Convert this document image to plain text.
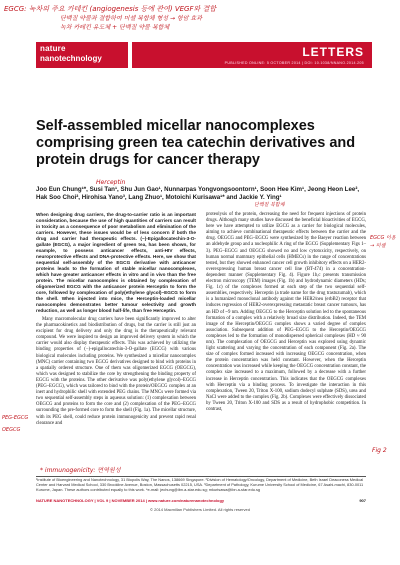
EGCG: 녹차의 주요 카테킨 (angiogenesis 등에 관여) VEGF와 결합
단백질 약물과 결합하여 미셀 복합체 형성 → 항암 효과
녹차 카테킨 유도체 + 단백질 약물 복합체
nature
nanotechnology	LETTERS
PUBLISHED ONLINE: 5 OCTOBER 2014 | DOI: 10.1038/NNANO.2014.205
Self-assembled micellar nanocomplexes comprising green tea catechin derivatives and protein drugs for cancer therapy
Herceptin
Joo Eun Chung¹*, Susi Tan¹, Shu Jun Gao¹, Nunnarpas Yongvongsoontorn¹, Soon Hee Kim¹, Jeong Heon Lee², Hak Soo Choi², Hirohisa Yano³, Lang Zhuo¹, Motoichi Kurisawa¹* and Jackie Y. Ying¹

When designing drug carriers, the drug-to-carrier ratio is an important consideration, because the use of high quantities of carriers can result in toxicity as a consequence of poor metabolism and elimination of the carriers. However, these issues would be of less concern if both the drug and carrier had therapeutic effects. (−)-Epigallocatechin-3-O-gallate (EGCG), a major ingredient of green tea, has been shown, for example, to possess anticancer effects, anti-HIV effects, neuroprotective effects and DNA-protective effects. Here, we show that sequential self-assembly of the EGCG derivative with anticancer proteins leads to the formation of stable micellar nanocomplexes, which have greater anticancer effects in vitro and in vivo than the free protein. The micellar nanocomplex is obtained by complexation of oligomerized EGCG with the anticancer protein Herceptin to form the core, followed by complexation of poly(ethylene glycol)–EGCG to form the shell. When injected into mice, the Herceptin-loaded micellar nanocomplex demonstrates better tumour selectivity and growth reduction, as well as longer blood half-life, than free Herceptin.

Many macromolecular drug carriers have been significantly improved to alter the pharmacokinetics and biodistribution of drugs, but the carrier is still just an excipient for drug delivery and only the drug is the therapeutically relevant compound. We were inspired to design an improved delivery system in which the carrier would also display therapeutic effects. This was achieved by utilizing the binding properties of (−)-epigallocatechin-3-O-gallate (EGCG) with various biological molecules including proteins. We synthesized a micellar nanocomplex (MNC) carrier containing two EGCG derivatives designed to bind with proteins in a spatially ordered structure. One of them was oligomerized EGCG (OEGCG), which was designed to stabilize the core by strengthening the binding property of EGCG with the proteins. The other derivative was poly(ethylene glycol)–EGCG (PEG–EGCG), which was tailored to bind with the protein/OEGCG complex at an inert and hydrophilic shell with extended PEG chains. The MNCs were formed via two sequential self-assembly steps in aqueous solution: (1) complexation between OEGCG and proteins to form the core and (2) complexation of the PEG–EGCG surrounding the pre-formed core to form the shell (Fig. 1a). The micellar structure, with its PEG shell, could reduce protein immunogenicity and prevent rapid renal clearance and

proteolysis of the protein, decreasing the need for frequent injections of protein drugs. Although many studies have discussed the beneficial bioactivities of EGCG, here we have attempted to utilize EGCG as a carrier for biological molecules, aiming to achieve combinational therapeutic effects between the carrier and the drug. OEGCG and PEG–EGCG were synthesized by the Baeyer reaction between an aldehyde group and a nucleophilic A ring of the EGCG (Supplementary Figs 1–3). PEG–EGCG and OEGCG showed no and low cytotoxicity, respectively, on human normal mammary epithelial cells (HMECs) in the range of concentrations tested, but they showed enhanced cancer cell growth inhibitory effects on a HER2-overexpressing human breast cancer cell line (BT-474) in a concentration-dependent manner (Supplementary Fig. 4). Figure 1b,c presents transmission electron microscopy (TEM) images (Fig. 1b) and hydrodynamic diameters (HDs; Fig. 1c) of the complexes formed at each step of the two sequential self-assemblies, respectively. Herceptin (a trade name for the drug trastuzumab), which is a humanized monoclonal antibody against the HER2/neu (erbB2) receptor that induces regression of HER2-overexpressing metastatic breast cancer tumours, has an HD of ~9 nm. Adding OEGCG to the Herceptin solution led to the spontaneous formation of a complex with a relatively broad size distribution. Indeed, the TEM image of the Herceptin/OEGCG complex shows a varied degree of complex association. Subsequent addition of PEG–EGCG to the Herceptin/OEGCG complexes led to the formation of monodispersed spherical complexes (HD ≈ 90 nm). The complexation of OEGCG and Herceptin was explored using dynamic light scattering and varying the concentration of each component (Fig. 2a). The size of complex formed increased with increasing OEGCG concentration, when the protein concentration was held constant. However, when the Herceptin concentration was increased while keeping the OEGCG concentration constant, the complex size increased to a maximum, followed by a decrease with a further increase in Herceptin concentration. This indicates that the OEGCG complexes with Herceptin via a binding process. To investigate the interaction in this complexation, Tween 20, Triton X-100, sodium dodecyl sulphate (SDS), urea and NaCl were added to the complex (Fig. 2b). Complexes were effectively dissociated by Tween 20, Triton X-100 and SDS as a result of hydrophobic competition. In contrast,

단백질 복합체
EGCG 이용
→ 미셀
PEG-EGCG
OEGCG
Fig 2
* immunogenicity: 면역원성
¹Institute of Bioengineering and Nanotechnology, 31 Biopolis Way, The Nanos, 138669 Singapore. ²Division of Hematology/Oncology, Department of Medicine, Beth Israel Deaconess Medical Center and Harvard Medical School, 330 Brookline Avenue, Boston, Massachusetts 02215, USA. ³Department of Pathology, Kurume University School of Medicine, 67 Asahi-machi, 830-0011 Kurume, Japan. These authors contributed equally to this work. *e-mail: jechung@ibn.a-star.edu.sg; mkurisawa@ibn.a-star.edu.sg
NATURE NANOTECHNOLOGY | VOL 9 | NOVEMBER 2014 | www.nature.com/naturenanotechnology	907
© 2014 Macmillan Publishers Limited. All rights reserved
